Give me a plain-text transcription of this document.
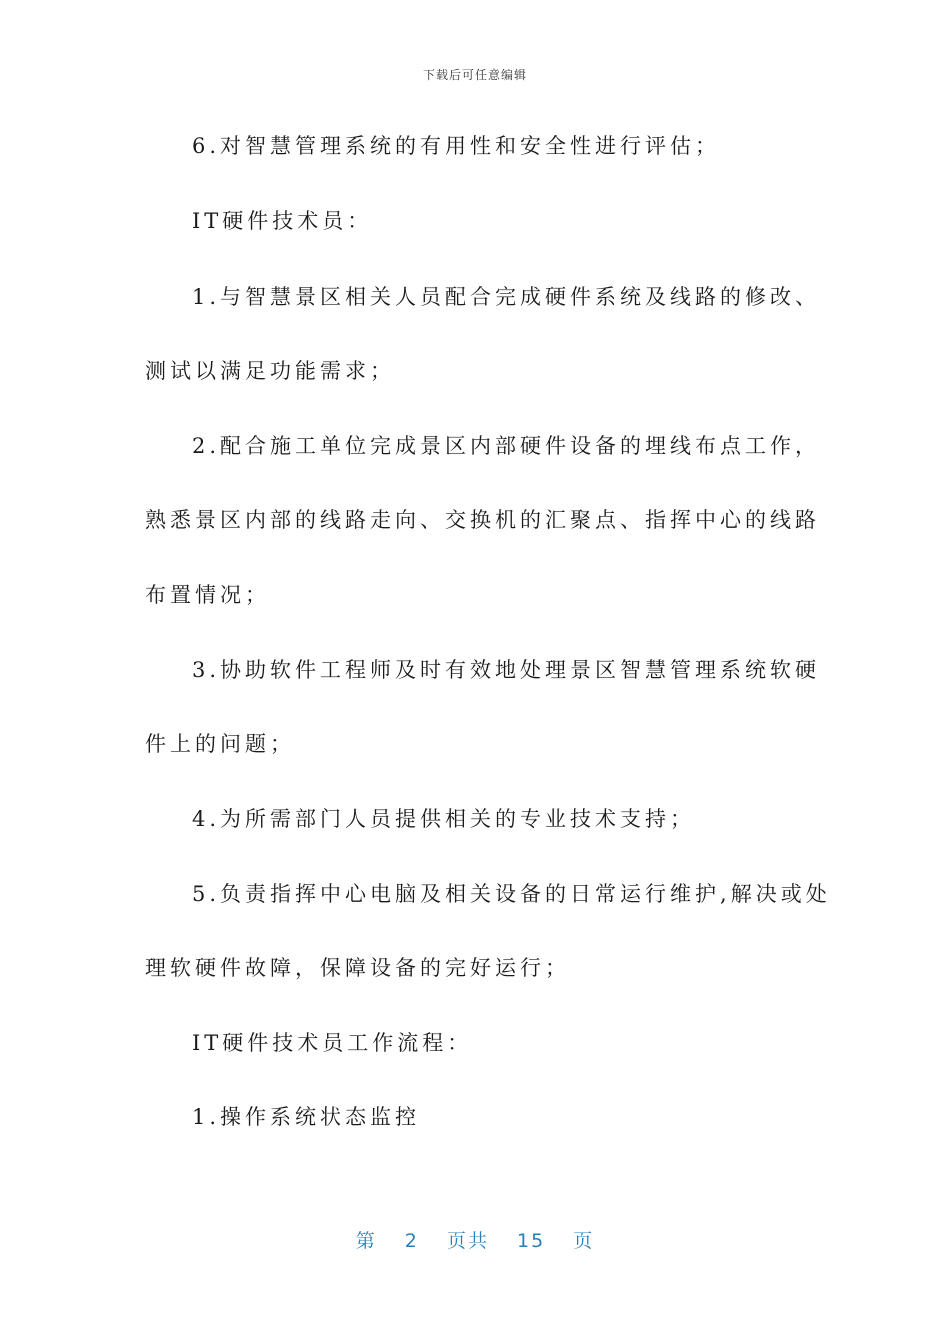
下载后可任意编辑
6.对智慧管理系统的有用性和安全性进行评估；
IT硬件技术员：
1.与智慧景区相关人员配合完成硬件系统及线路的修改、
测试以满足功能需求；
2.配合施工单位完成景区内部硬件设备的埋线布点工作，
熟悉景区内部的线路走向、交换机的汇聚点、指挥中心的线路
布置情况；
3.协助软件工程师及时有效地处理景区智慧管理系统软硬
件上的问题；
4.为所需部门人员提供相关的专业技术支持；
5.负责指挥中心电脑及相关设备的日常运行维护,解决或处
理软硬件故障，保障设备的完好运行；
IT硬件技术员工作流程：
1.操作系统状态监控
第 2 页共 15 页
